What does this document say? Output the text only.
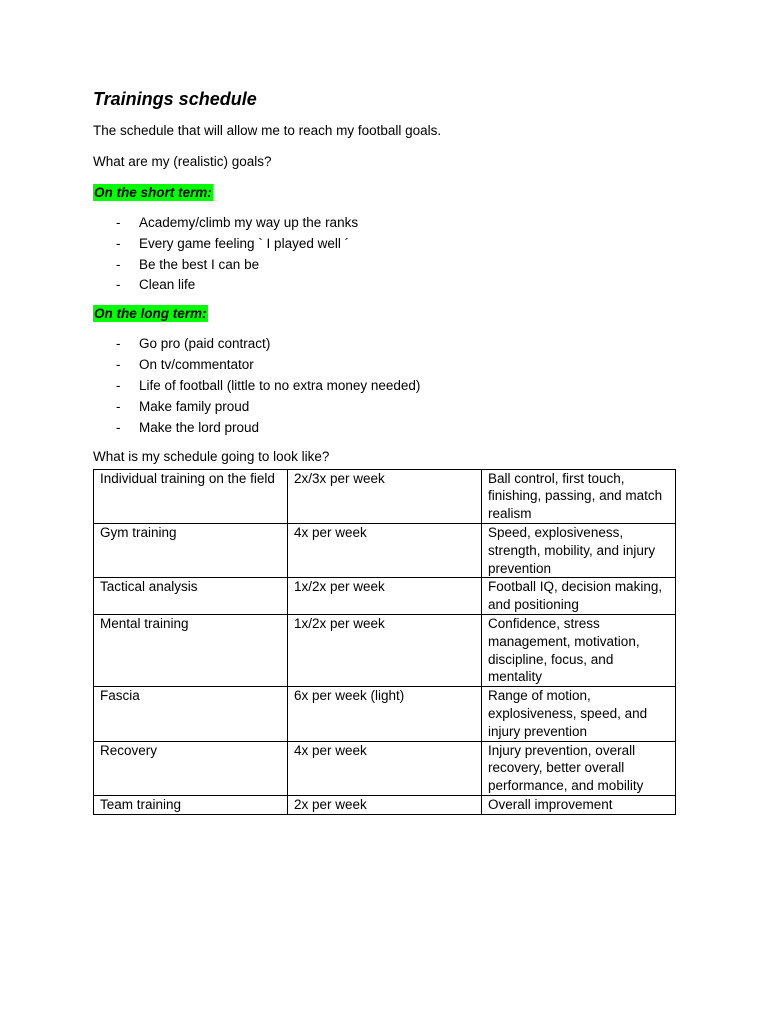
Trainings schedule

The schedule that will allow me to reach my football goals.

What are my (realistic) goals?

On the short term:
- Academy/climb my way up the ranks
- Every game feeling ` I played well ´
- Be the best I can be
- Clean life
On the long term:
- Go pro (paid contract)
- On tv/commentator
- Life of football (little to no extra money needed)
- Make family proud
- Make the lord proud

What is my schedule going to look like?

Individual training on the field	2x/3x per week	Ball control, first touch, finishing, passing, and match realism
Gym training	4x per week	Speed, explosiveness, strength, mobility, and injury prevention
Tactical analysis	1x/2x per week	Football IQ, decision making, and positioning
Mental training	1x/2x per week	Confidence, stress management, motivation, discipline, focus, and mentality
Fascia	6x per week (light)	Range of motion, explosiveness, speed, and injury prevention
Recovery	4x per week	Injury prevention, overall recovery, better overall performance, and mobility
Team training	2x per week	Overall improvement
